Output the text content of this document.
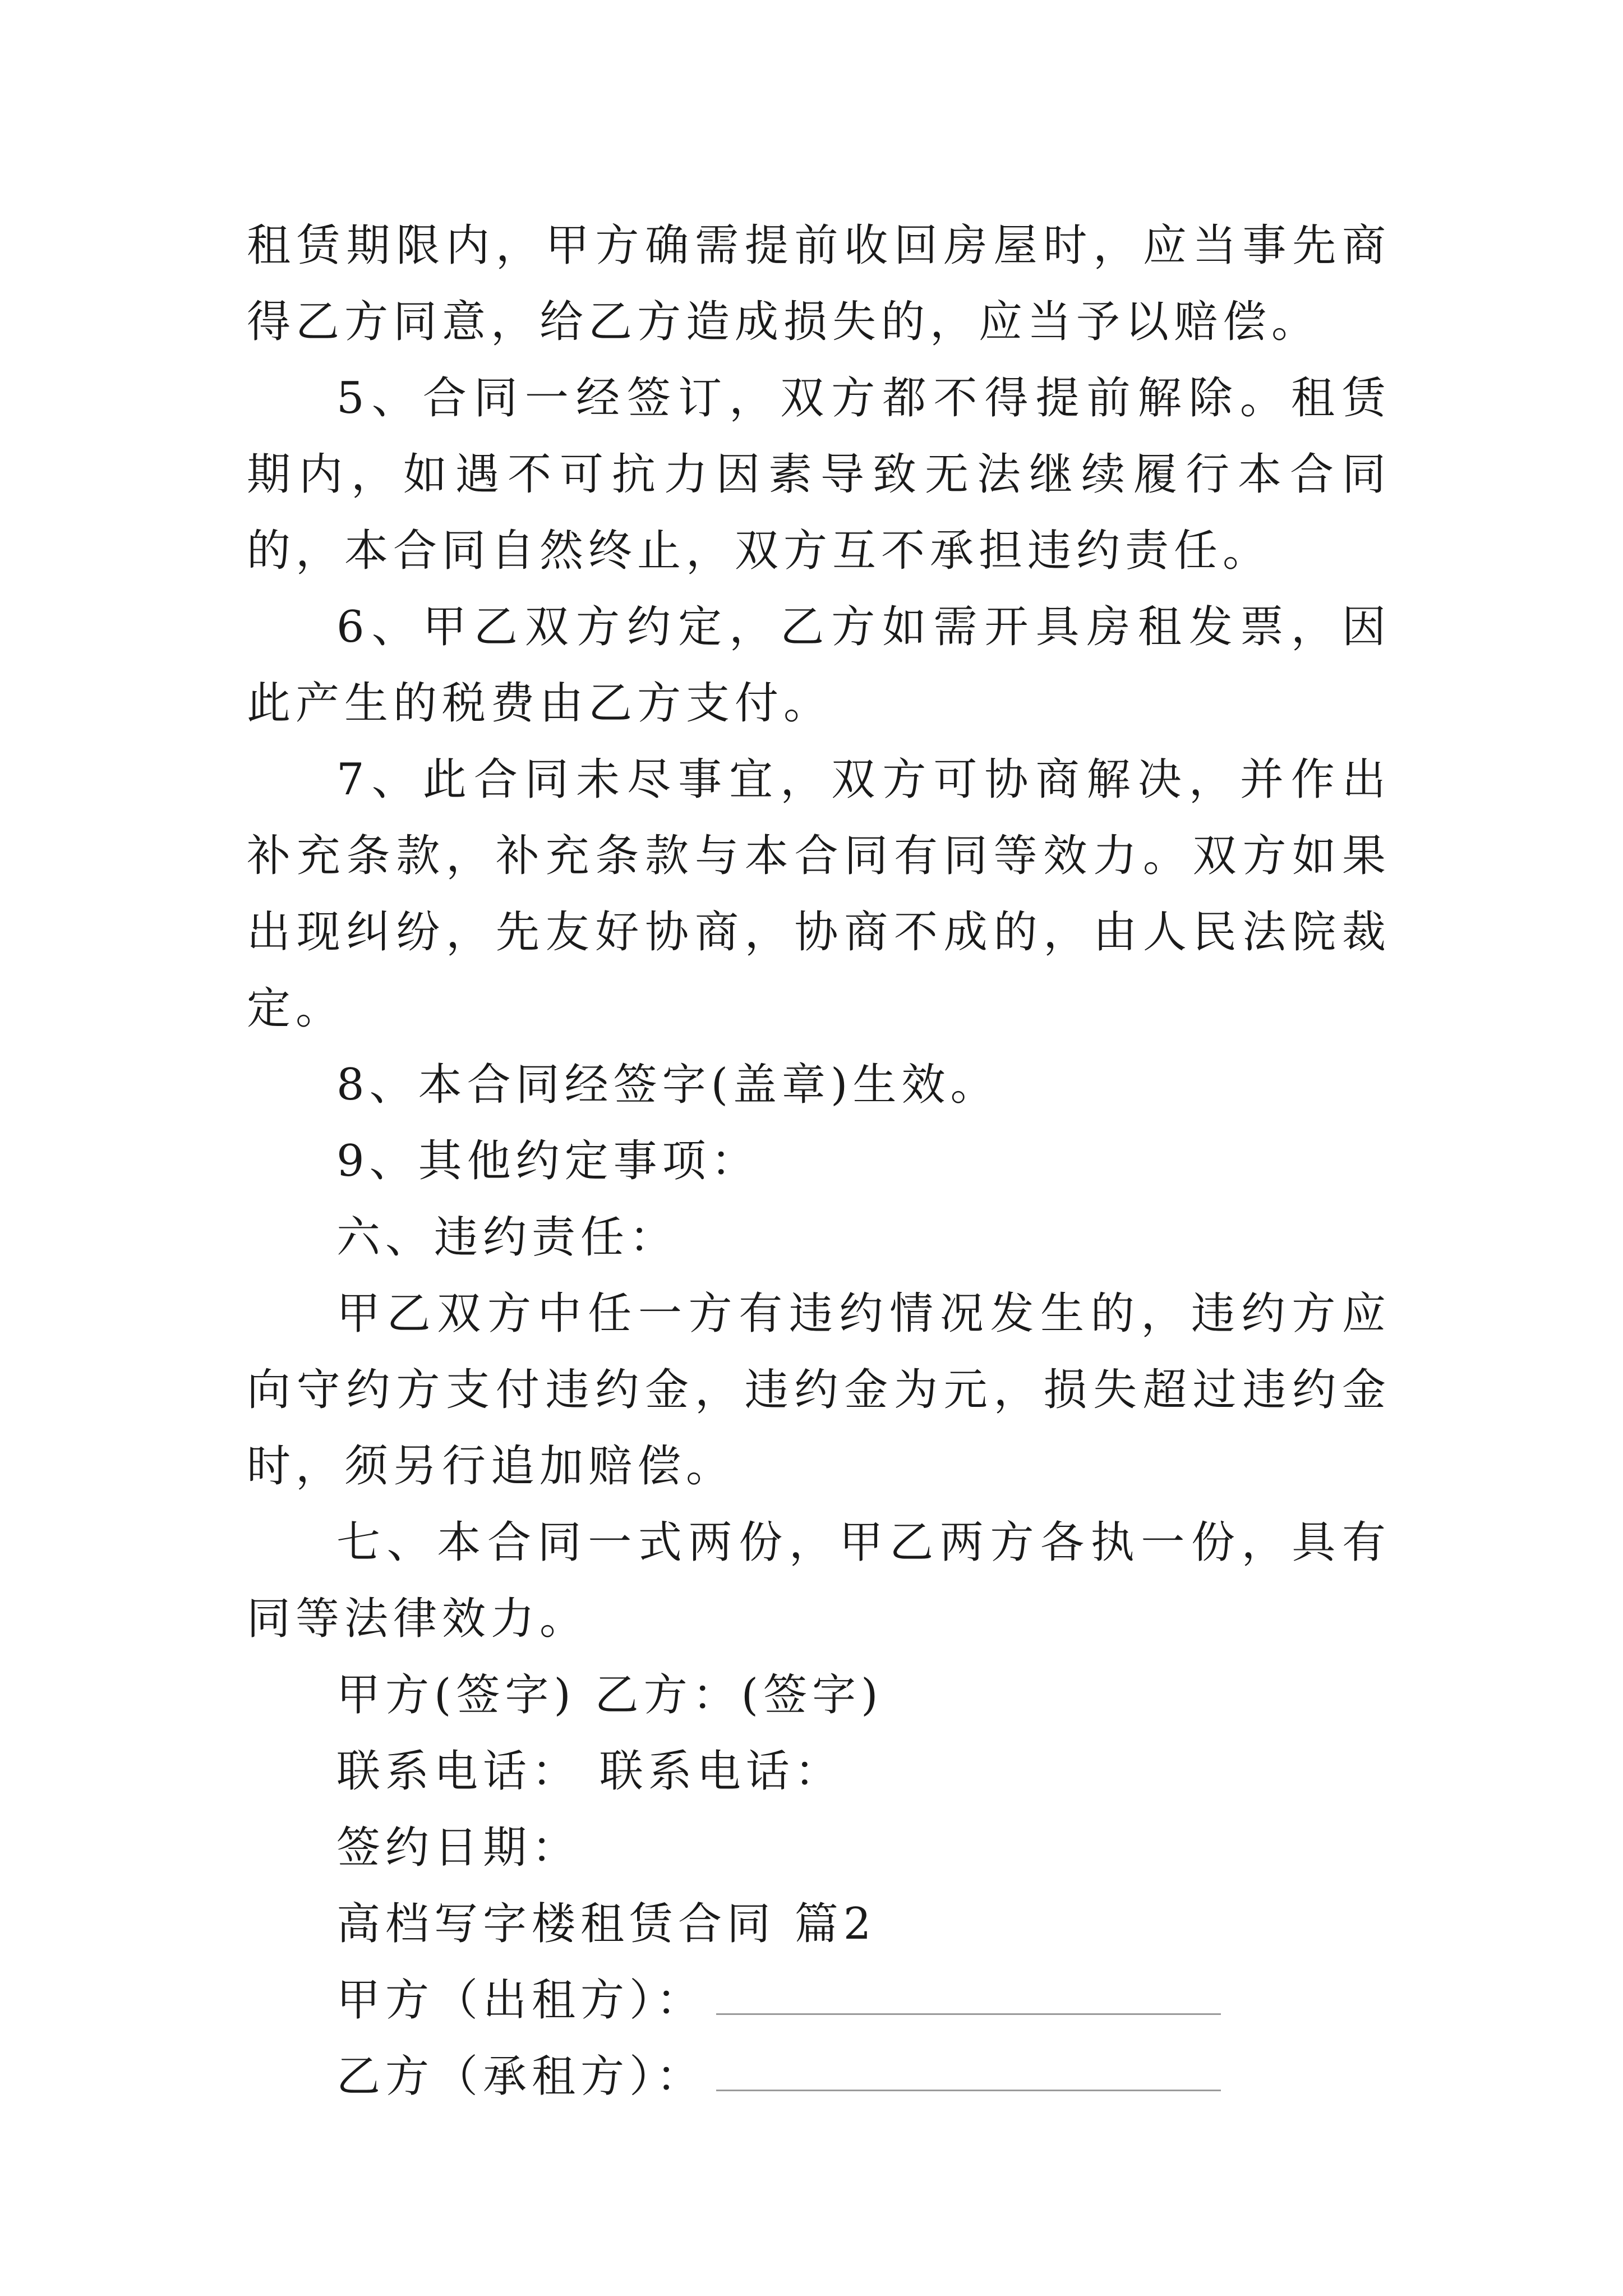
租赁期限内，甲方确需提前收回房屋时，应当事先商得乙方同意，给乙方造成损失的，应当予以赔偿。

5、合同一经签订，双方都不得提前解除。租赁期内，如遇不可抗力因素导致无法继续履行本合同的，本合同自然终止，双方互不承担违约责任。

6、甲乙双方约定，乙方如需开具房租发票，因此产生的税费由乙方支付。

7、此合同未尽事宜，双方可协商解决，并作出补充条款，补充条款与本合同有同等效力。双方如果出现纠纷，先友好协商，协商不成的，由人民法院裁定。

8、本合同经签字(盖章)生效。

9、其他约定事项：

六、违约责任：

甲乙双方中任一方有违约情况发生的，违约方应向守约方支付违约金，违约金为元，损失超过违约金时，须另行追加赔偿。

七、本合同一式两份，甲乙两方各执一份，具有同等法律效力。

甲方(签字) 乙方：(签字)

联系电话： 联系电话：

签约日期：

高档写字楼租赁合同 篇2

甲方（出租方）：

乙方（承租方）：
